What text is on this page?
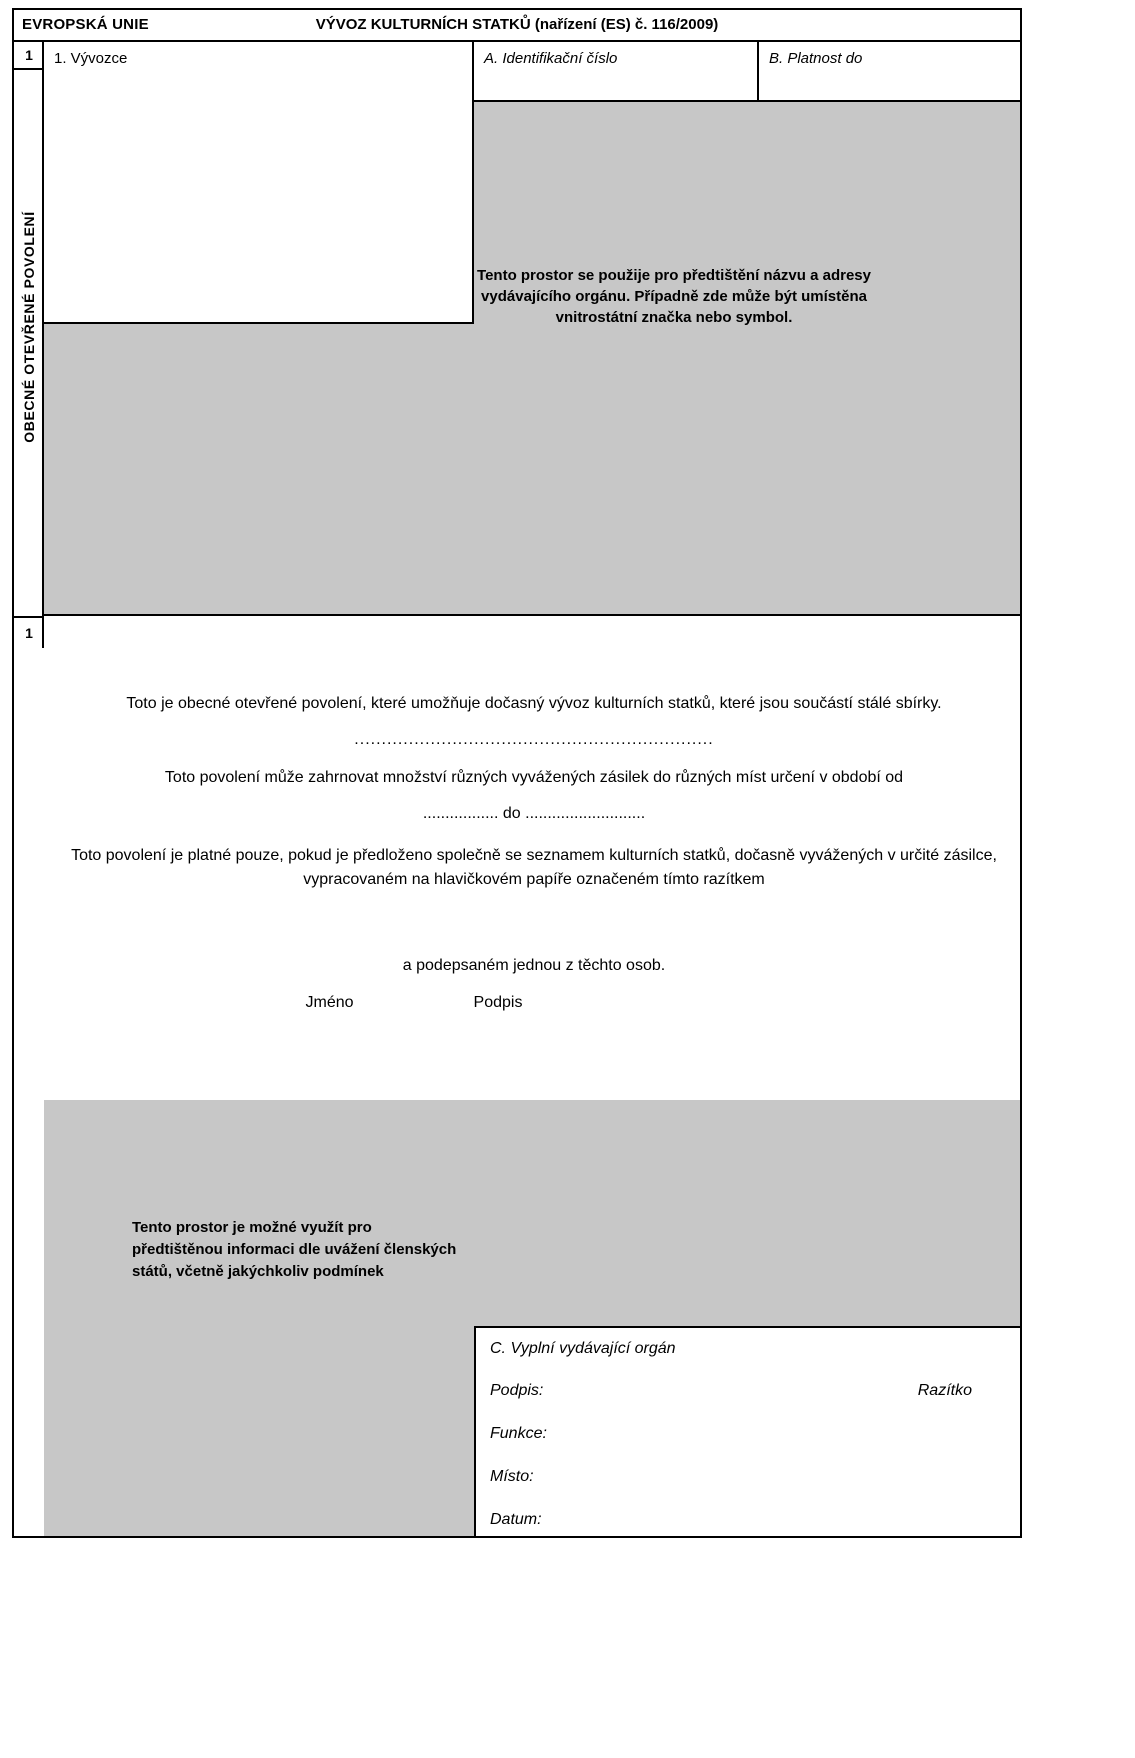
EVROPSKÁ UNIE	VÝVOZ KULTURNÍCH STATKŮ (nařízení (ES) č. 116/2009)
1
OBECNÉ OTEVŘENÉ POVOLENÍ
1
1. Vývozce	A. Identifikační číslo	B. Platnost do
Tento prostor se použije pro předtištění názvu a adresy vydávajícího orgánu. Případně zde může být umístěna vnitrostátní značka nebo symbol.

Toto je obecné otevřené povolení, které umožňuje dočasný vývoz kulturních statků, které jsou součástí stálé sbírky.

..................................................................

Toto povolení může zahrnovat množství různých vyvážených zásilek do různých míst určení v období od

................. do ...........................

Toto povolení je platné pouze, pokud je předloženo společně se seznamem kulturních statků, dočasně vyvážených v určité zásilce, vypracovaném na hlavičkovém papíře označeném tímto razítkem

a podepsaném jednou z těchto osob.

Jméno	Podpis
Tento prostor je možné využít pro předtištěnou informaci dle uvážení členských států, včetně jakýchkoliv podmínek
C. Vyplní vydávající orgán
Podpis:
Funkce:
Místo:
Datum:
Razítko
